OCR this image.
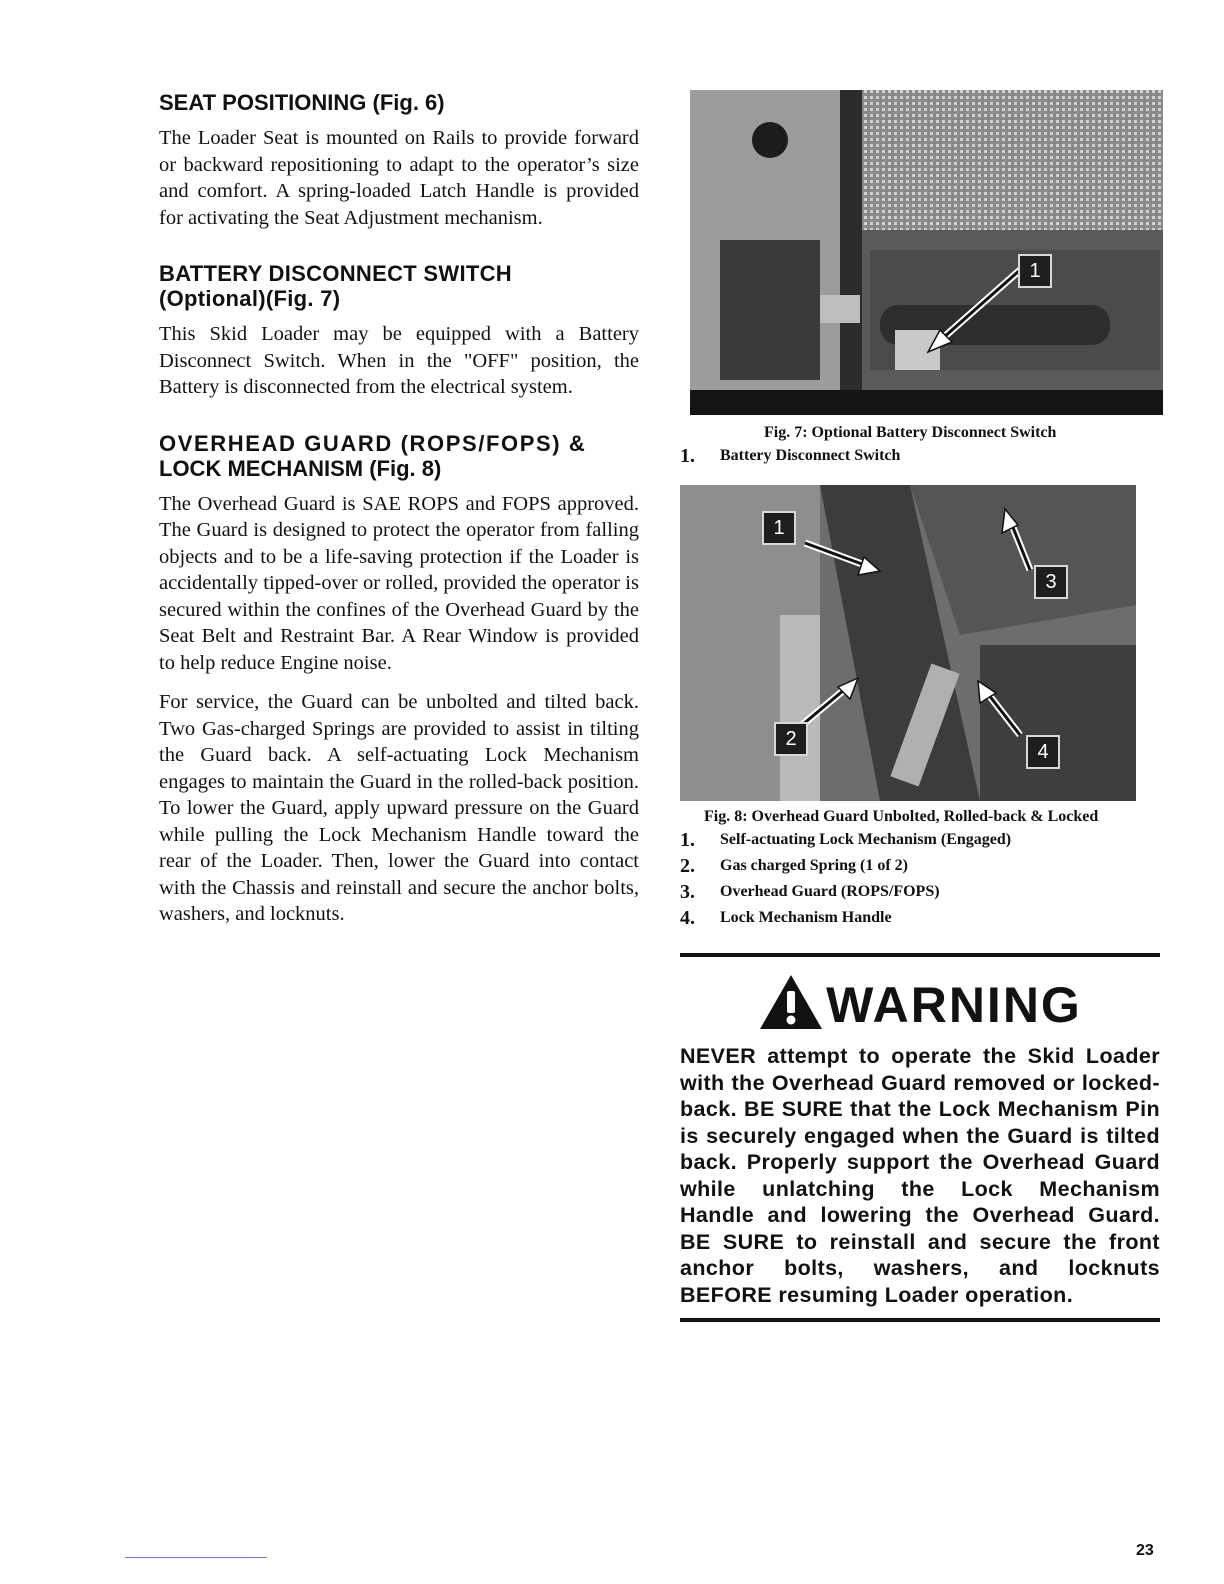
SEAT POSITIONING (Fig. 6)

The Loader Seat is mounted on Rails to provide forward or backward repositioning to adapt to the operator’s size and comfort. A spring-loaded Latch Handle is provided for activating the Seat Adjustment mechanism.

BATTERY DISCONNECT SWITCH
(Optional)(Fig. 7)

This Skid Loader may be equipped with a Battery Disconnect Switch. When in the "OFF" position, the Battery is disconnected from the electrical system.

OVERHEAD GUARD (ROPS/FOPS) &
LOCK MECHANISM (Fig. 8)

The Overhead Guard is SAE ROPS and FOPS approved. The Guard is designed to protect the operator from falling objects and to be a life-saving protection if the Loader is accidentally tipped-over or rolled, provided the operator is secured within the confines of the Overhead Guard by the Seat Belt and Restraint Bar. A Rear Window is provided to help reduce Engine noise.

For service, the Guard can be unbolted and tilted back. Two Gas-charged Springs are provided to assist in tilting the Guard back. A self-actuating Lock Mechanism engages to maintain the Guard in the rolled-back position. To lower the Guard, apply upward pressure on the Guard while pulling the Lock Mechanism Handle toward the rear of the Loader. Then, lower the Guard into contact with the Chassis and reinstall and secure the anchor bolts, washers, and locknuts.

1
Fig. 7: Optional Battery Disconnect Switch
1.	Battery Disconnect Switch
1
3
2
4
Fig. 8: Overhead Guard Unbolted, Rolled-back & Locked
1.	Self-actuating Lock Mechanism (Engaged)
2.	Gas charged Spring (1 of 2)
3.	Overhead Guard (ROPS/FOPS)
4.	Lock Mechanism Handle
WARNING

NEVER attempt to operate the Skid Loader with the Overhead Guard removed or locked-back. BE SURE that the Lock Mechanism Pin is securely engaged when the Guard is tilted back. Properly support the Overhead Guard while unlatching the Lock Mechanism Handle and lowering the Overhead Guard. BE SURE to reinstall and secure the front anchor bolts, washers, and locknuts BEFORE resuming Loader operation.

23
